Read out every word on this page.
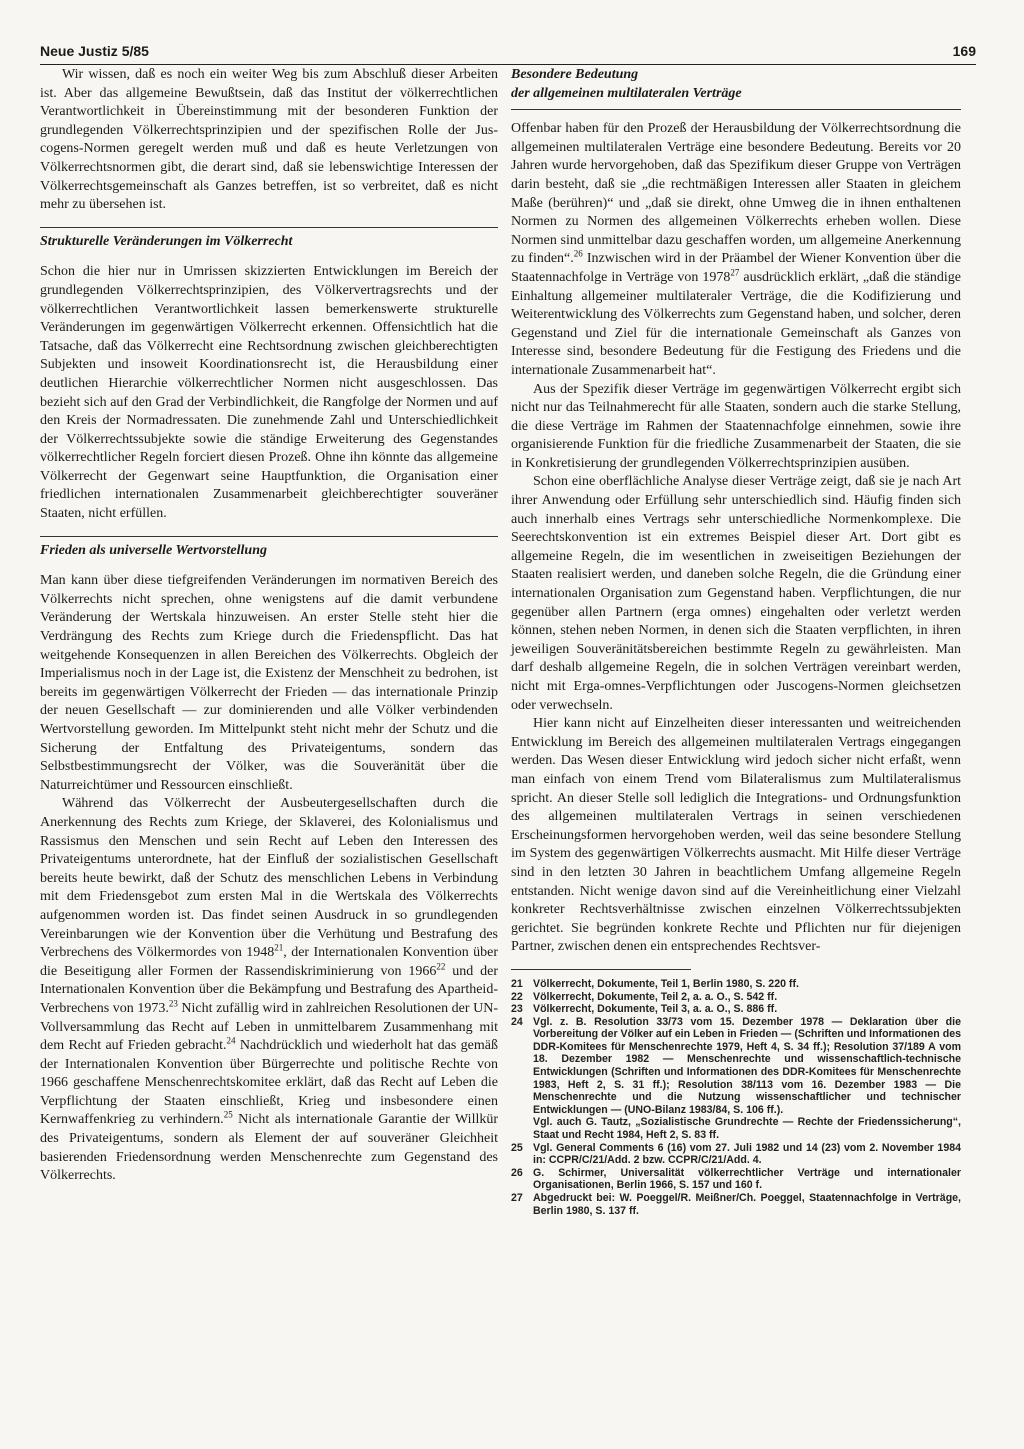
Neue Justiz 5/85	169

Wir wissen, daß es noch ein weiter Weg bis zum Abschluß dieser Arbeiten ist. Aber das allgemeine Bewußtsein, daß das Institut der völkerrechtlichen Verantwortlichkeit in Übereinstimmung mit der besonderen Funktion der grundlegenden Völkerrechtsprinzipien und der spezifischen Rolle der Jus-cogens-Normen geregelt werden muß und daß es heute Verletzungen von Völkerrechtsnormen gibt, die derart sind, daß sie lebenswichtige Interessen der Völkerrechtsgemeinschaft als Ganzes betreffen, ist so verbreitet, daß es nicht mehr zu übersehen ist.

Strukturelle Veränderungen im Völkerrecht

Schon die hier nur in Umrissen skizzierten Entwicklungen im Bereich der grundlegenden Völkerrechtsprinzipien, des Völkervertragsrechts und der völkerrechtlichen Verantwortlichkeit lassen bemerkenswerte strukturelle Veränderungen im gegenwärtigen Völkerrecht erkennen. Offensichtlich hat die Tatsache, daß das Völkerrecht eine Rechtsordnung zwischen gleichberechtigten Subjekten und insoweit Koordinationsrecht ist, die Herausbildung einer deutlichen Hierarchie völkerrechtlicher Normen nicht ausgeschlossen. Das bezieht sich auf den Grad der Verbindlichkeit, die Rangfolge der Normen und auf den Kreis der Normadressaten. Die zunehmende Zahl und Unterschiedlichkeit der Völkerrechtssubjekte sowie die ständige Erweiterung des Gegenstandes völkerrechtlicher Regeln forciert diesen Prozeß. Ohne ihn könnte das allgemeine Völkerrecht der Gegenwart seine Hauptfunktion, die Organisation einer friedlichen internationalen Zusammenarbeit gleichberechtigter souveräner Staaten, nicht erfüllen.

Frieden als universelle Wertvorstellung

Man kann über diese tiefgreifenden Veränderungen im normativen Bereich des Völkerrechts nicht sprechen, ohne wenigstens auf die damit verbundene Veränderung der Wertskala hinzuweisen. An erster Stelle steht hier die Verdrängung des Rechts zum Kriege durch die Friedenspflicht. Das hat weitgehende Konsequenzen in allen Bereichen des Völkerrechts. Obgleich der Imperialismus noch in der Lage ist, die Existenz der Menschheit zu bedrohen, ist bereits im gegenwärtigen Völkerrecht der Frieden — das internationale Prinzip der neuen Gesellschaft — zur dominierenden und alle Völker verbindenden Wertvorstellung geworden. Im Mittelpunkt steht nicht mehr der Schutz und die Sicherung der Entfaltung des Privateigentums, sondern das Selbstbestimmungsrecht der Völker, was die Souveränität über die Naturreichtümer und Ressourcen einschließt.

Während das Völkerrecht der Ausbeutergesellschaften durch die Anerkennung des Rechts zum Kriege, der Sklaverei, des Kolonialismus und Rassismus den Menschen und sein Recht auf Leben den Interessen des Privateigentums unterordnete, hat der Einfluß der sozialistischen Gesellschaft bereits heute bewirkt, daß der Schutz des menschlichen Lebens in Verbindung mit dem Friedensgebot zum ersten Mal in die Wertskala des Völkerrechts aufgenommen worden ist. Das findet seinen Ausdruck in so grundlegenden Vereinbarungen wie der Konvention über die Verhütung und Bestrafung des Verbrechens des Völkermordes von 1948$^{21}$, der Internationalen Konvention über die Beseitigung aller Formen der Rassendiskriminierung von 1966$^{22}$ und der Internationalen Konvention über die Bekämpfung und Bestrafung des Apartheid-Verbrechens von 1973.23 Nicht zufällig wird in zahlreichen Resolutionen der UN-Vollversammlung das Recht auf Leben in unmittelbarem Zusammenhang mit dem Recht auf Frieden gebracht.$^{24}$ Nachdrücklich und wiederholt hat das gemäß der Internationalen Konvention über Bürgerrechte und politische Rechte von 1966 geschaffene Menschenrechtskomitee erklärt, daß das Recht auf Leben die Verpflichtung der Staaten einschließt, Krieg und insbesondere einen Kernwaffenkrieg zu verhindern.$^{25}$ Nicht als internationale Garantie der Willkür des Privateigentums, sondern als Element der auf souveräner Gleichheit basierenden Friedensordnung werden Menschenrechte zum Gegenstand des Völkerrechts.

Besondere Bedeutung
der allgemeinen multilateralen Verträge

Offenbar haben für den Prozeß der Herausbildung der Völkerrechtsordnung die allgemeinen multilateralen Verträge eine besondere Bedeutung. Bereits vor 20 Jahren wurde hervorgehoben, daß das Spezifikum dieser Gruppe von Verträgen darin besteht, daß sie „die rechtmäßigen Interessen aller Staaten in gleichem Maße (berühren)“ und „daß sie direkt, ohne Umweg die in ihnen enthaltenen Normen zu Normen des allgemeinen Völkerrechts erheben wollen. Diese Normen sind unmittelbar dazu geschaffen worden, um allgemeine Anerkennung zu finden“.$^{26}$ Inzwischen wird in der Präambel der Wiener Konvention über die Staatennachfolge in Verträge von 1978$^{27}$ ausdrücklich erklärt, „daß die ständige Einhaltung allgemeiner multilateraler Verträge, die die Kodifizierung und Weiterentwicklung des Völkerrechts zum Gegenstand haben, und solcher, deren Gegenstand und Ziel für die internationale Gemeinschaft als Ganzes von Interesse sind, besondere Bedeutung für die Festigung des Friedens und die internationale Zusammenarbeit hat“.

Aus der Spezifik dieser Verträge im gegenwärtigen Völkerrecht ergibt sich nicht nur das Teilnahmerecht für alle Staaten, sondern auch die starke Stellung, die diese Verträge im Rahmen der Staatennachfolge einnehmen, sowie ihre organisierende Funktion für die friedliche Zusammenarbeit der Staaten, die sie in Konkretisierung der grundlegenden Völkerrechtsprinzipien ausüben.

Schon eine oberflächliche Analyse dieser Verträge zeigt, daß sie je nach Art ihrer Anwendung oder Erfüllung sehr unterschiedlich sind. Häufig finden sich auch innerhalb eines Vertrags sehr unterschiedliche Normenkomplexe. Die Seerechtskonvention ist ein extremes Beispiel dieser Art. Dort gibt es allgemeine Regeln, die im wesentlichen in zweiseitigen Beziehungen der Staaten realisiert werden, und daneben solche Regeln, die die Gründung einer internationalen Organisation zum Gegenstand haben. Verpflichtungen, die nur gegenüber allen Partnern (erga omnes) eingehalten oder verletzt werden können, stehen neben Normen, in denen sich die Staaten verpflichten, in ihren jeweiligen Souveränitätsbereichen bestimmte Regeln zu gewährleisten. Man darf deshalb allgemeine Regeln, die in solchen Verträgen vereinbart werden, nicht mit Erga-omnes-Verpflichtungen oder Juscogens-Normen gleichsetzen oder verwechseln.

Hier kann nicht auf Einzelheiten dieser interessanten und weitreichenden Entwicklung im Bereich des allgemeinen multilateralen Vertrags eingegangen werden. Das Wesen dieser Entwicklung wird jedoch sicher nicht erfaßt, wenn man einfach von einem Trend vom Bilateralismus zum Multilateralismus spricht. An dieser Stelle soll lediglich die Integrations- und Ordnungsfunktion des allgemeinen multilateralen Vertrags in seinen verschiedenen Erscheinungsformen hervorgehoben werden, weil das seine besondere Stellung im System des gegenwärtigen Völkerrechts ausmacht. Mit Hilfe dieser Verträge sind in den letzten 30 Jahren in beachtlichem Umfang allgemeine Regeln entstanden. Nicht wenige davon sind auf die Vereinheitlichung einer Vielzahl konkreter Rechtsverhältnisse zwischen einzelnen Völkerrechtssubjekten gerichtet. Sie begründen konkrete Rechte und Pflichten nur für diejenigen Partner, zwischen denen ein entsprechendes Rechtsver-

21 Völkerrecht, Dokumente, Teil 1, Berlin 1980, S. 220 ff.
22 Völkerrecht, Dokumente, Teil 2, a. a. O., S. 542 ff.
23 Völkerrecht, Dokumente, Teil 3, a. a. O., S. 886 ff.
24 Vgl. z. B. Resolution 33/73 vom 15. Dezember 1978 — Deklaration über die Vorbereitung der Völker auf ein Leben in Frieden — (Schriften und Informationen des DDR-Komitees für Menschenrechte 1979, Heft 4, S. 34 ff.); Resolution 37/189 A vom 18. Dezember 1982 — Menschenrechte und wissenschaftlich-technische Entwicklungen (Schriften und Informationen des DDR-Komitees für Menschenrechte 1983, Heft 2, S. 31 ff.); Resolution 38/113 vom 16. Dezember 1983 — Die Menschenrechte und die Nutzung wissenschaftlicher und technischer Entwicklungen — (UNO-Bilanz 1983/84, S. 106 ff.).
Vgl. auch G. Tautz, „Sozialistische Grundrechte — Rechte der Friedenssicherung“, Staat und Recht 1984, Heft 2, S. 83 ff.
25 Vgl. General Comments 6 (16) vom 27. Juli 1982 und 14 (23) vom 2. November 1984 in: CCPR/C/21/Add. 2 bzw. CCPR/C/21/Add. 4.
26 G. Schirmer, Universalität völkerrechtlicher Verträge und internationaler Organisationen, Berlin 1966, S. 157 und 160 f.
27 Abgedruckt bei: W. Poeggel/R. Meißner/Ch. Poeggel, Staatennachfolge in Verträge, Berlin 1980, S. 137 ff.
